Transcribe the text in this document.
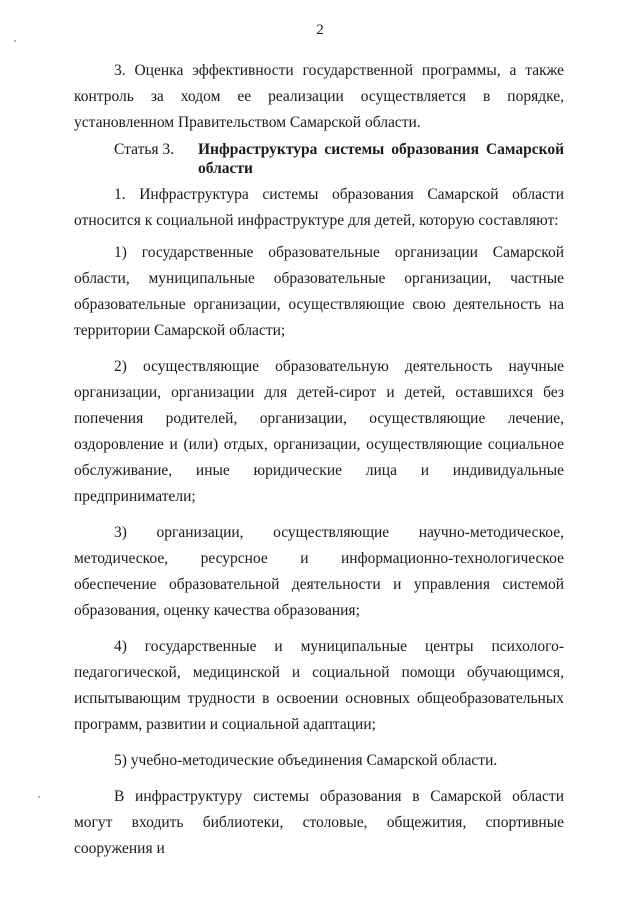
2

3. Оценка эффективности государственной программы, а также контроль за ходом ее реализации осуществляется в порядке, установленном Правительством Самарской области.

Статья 3.	Инфраструктура системы образования Самарской области

1. Инфраструктура системы образования Самарской области относится к социальной инфраструктуре для детей, которую составляют:

1) государственные образовательные организации Самарской области, муниципальные образовательные организации, частные образовательные организации, осуществляющие свою деятельность на территории Самарской области;

2) осуществляющие образовательную деятельность научные организации, организации для детей-сирот и детей, оставшихся без попечения родителей, организации, осуществляющие лечение, оздоровление и (или) отдых, организации, осуществляющие социальное обслуживание, иные юридические лица и индивидуальные предприниматели;

3) организации, осуществляющие научно-методическое, методическое, ресурсное и информационно-технологическое обеспечение образовательной деятельности и управления системой образования, оценку качества образования;

4) государственные и муниципальные центры психолого-педагогической, медицинской и социальной помощи обучающимся, испытывающим трудности в освоении основных общеобразовательных программ, развитии и социальной адаптации;

5) учебно-методические объединения Самарской области.

В инфраструктуру системы образования в Самарской области могут входить библиотеки, столовые, общежития, спортивные сооружения и
